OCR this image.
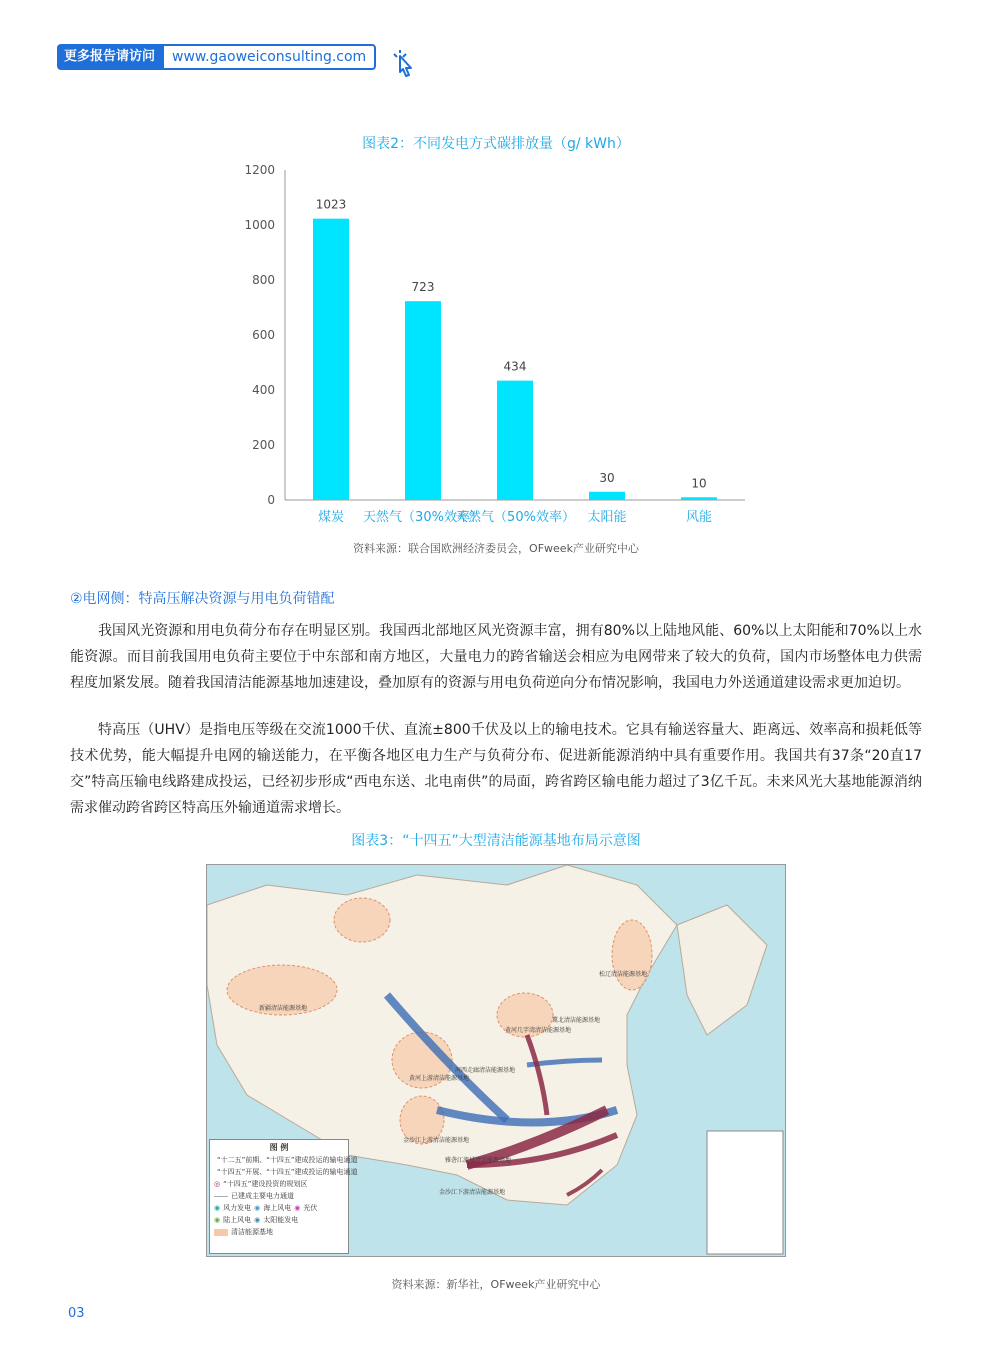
更多报告请访问	www.gaoweiconsulting.com
图表2：不同发电方式碳排放量（g/ kWh）
0
200
400
600
800
1000
1200
1023
煤炭
723
天然气（30%效率）
434
天然气（50%效率）
30
太阳能
10
风能
资料来源：联合国欧洲经济委员会，OFweek产业研究中心
②电网侧：特高压解决资源与用电负荷错配
我国风光资源和用电负荷分布存在明显区别。我国西北部地区风光资源丰富，拥有80%以上陆地风能、60%以上太阳能和70%以上水能资源。而目前我国用电负荷主要位于中东部和南方地区，大量电力的跨省输送会相应为电网带来了较大的负荷，国内市场整体电力供需程度加紧发展。随着我国清洁能源基地加速建设，叠加原有的资源与用电负荷逆向分布情况影响，我国电力外送通道建设需求更加迫切。
特高压（UHV）是指电压等级在交流1000千伏、直流±800千伏及以上的输电技术。它具有输送容量大、距离远、效率高和损耗低等技术优势，能大幅提升电网的输送能力，在平衡各地区电力生产与负荷分布、促进新能源消纳中具有重要作用。我国共有37条“20直17交”特高压输电线路建成投运，已经初步形成“西电东送、北电南供”的局面，跨省跨区输电能力超过了3亿千瓦。未来风光大基地能源消纳需求催动跨省跨区特高压外输通道需求增长。
图表3：“十四五”大型清洁能源基地布局示意图
新疆清洁能源基地
黄河上游清洁能源基地
河西走廊清洁能源基地
黄河几字湾清洁能源基地
冀北清洁能源基地
松辽清洁能源基地
金沙江上游清洁能源基地
雅砻江流域清洁能源基地
金沙江下游清洁能源基地
图 例
“十二五”前期、“十四五”建成投运的输电通道
“十四五”开展、“十四五”建成投运的输电通道
◎ “十四五”建设投资的规划区
已建成主要电力通道
◉ 风力发电 ◉ 海上风电 ◉ 光伏
◉ 陆上风电 ◉ 太阳能发电
清洁能源基地
资料来源：新华社，OFweek产业研究中心
03
